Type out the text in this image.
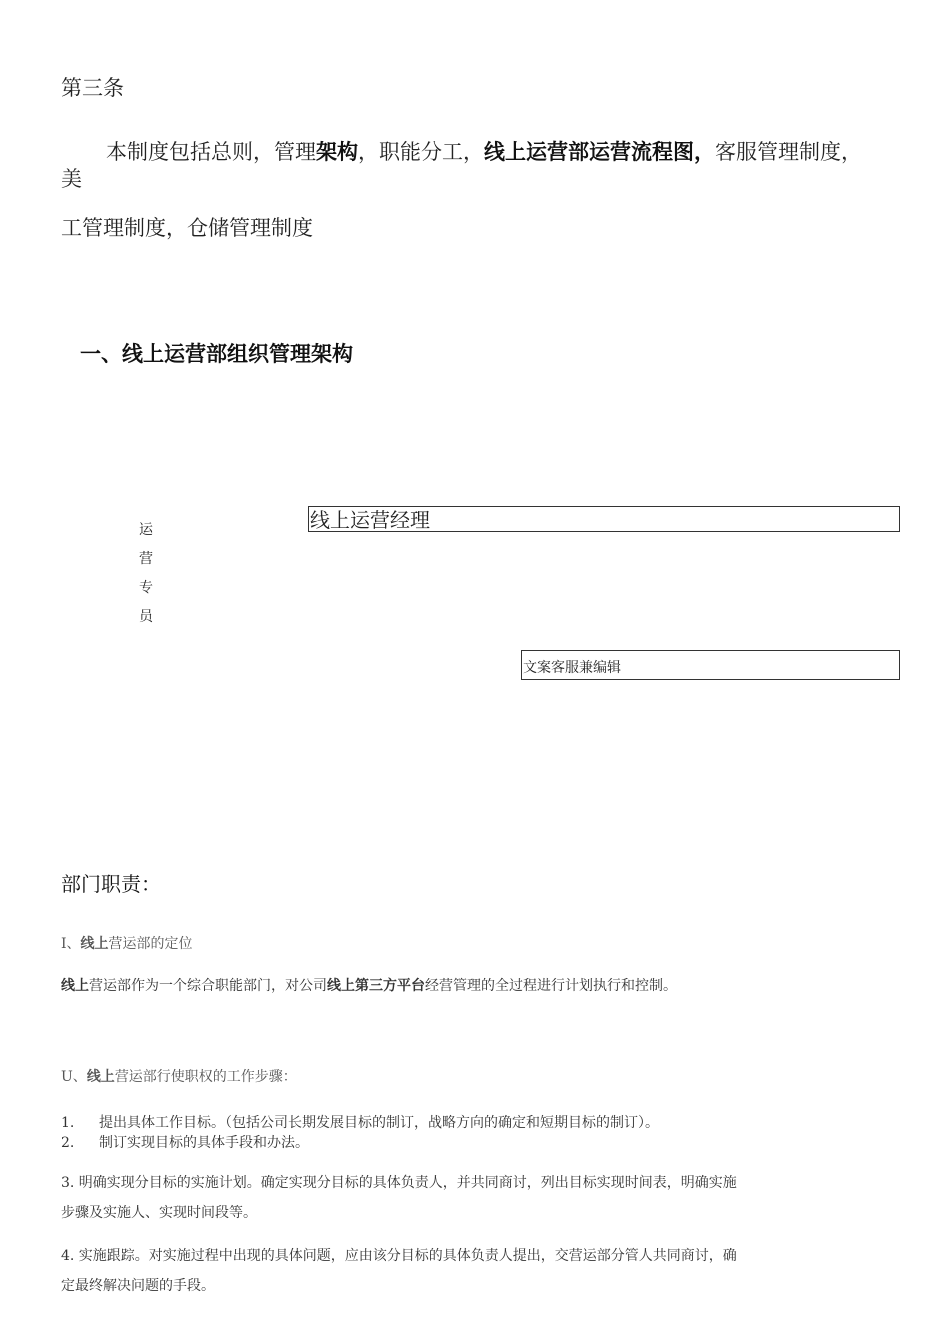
第三条
本制度包括总则，管理架构，职能分工，线上运营部运营流程图，客服管理制度，
美
工管理制度，仓储管理制度
一、线上运营部组织管理架构
运
营
专
员
线上运营经理
文案客服兼编辑
部门职责：
I、线上营运部的定位
线上营运部作为一个综合职能部门，对公司线上第三方平台经营管理的全过程进行计划执行和控制。
U、线上营运部行使职权的工作步骤：
1. 提出具体工作目标。（包括公司长期发展目标的制订，战略方向的确定和短期目标的制订）。
2. 制订实现目标的具体手段和办法。
3. 明确实现分目标的实施计划。确定实现分目标的具体负责人，并共同商讨，列出目标实现时间表，明确实施
步骤及实施人、实现时间段等。
4. 实施跟踪。对实施过程中出现的具体问题，应由该分目标的具体负责人提出，交营运部分管人共同商讨，确
定最终解决问题的手段。
